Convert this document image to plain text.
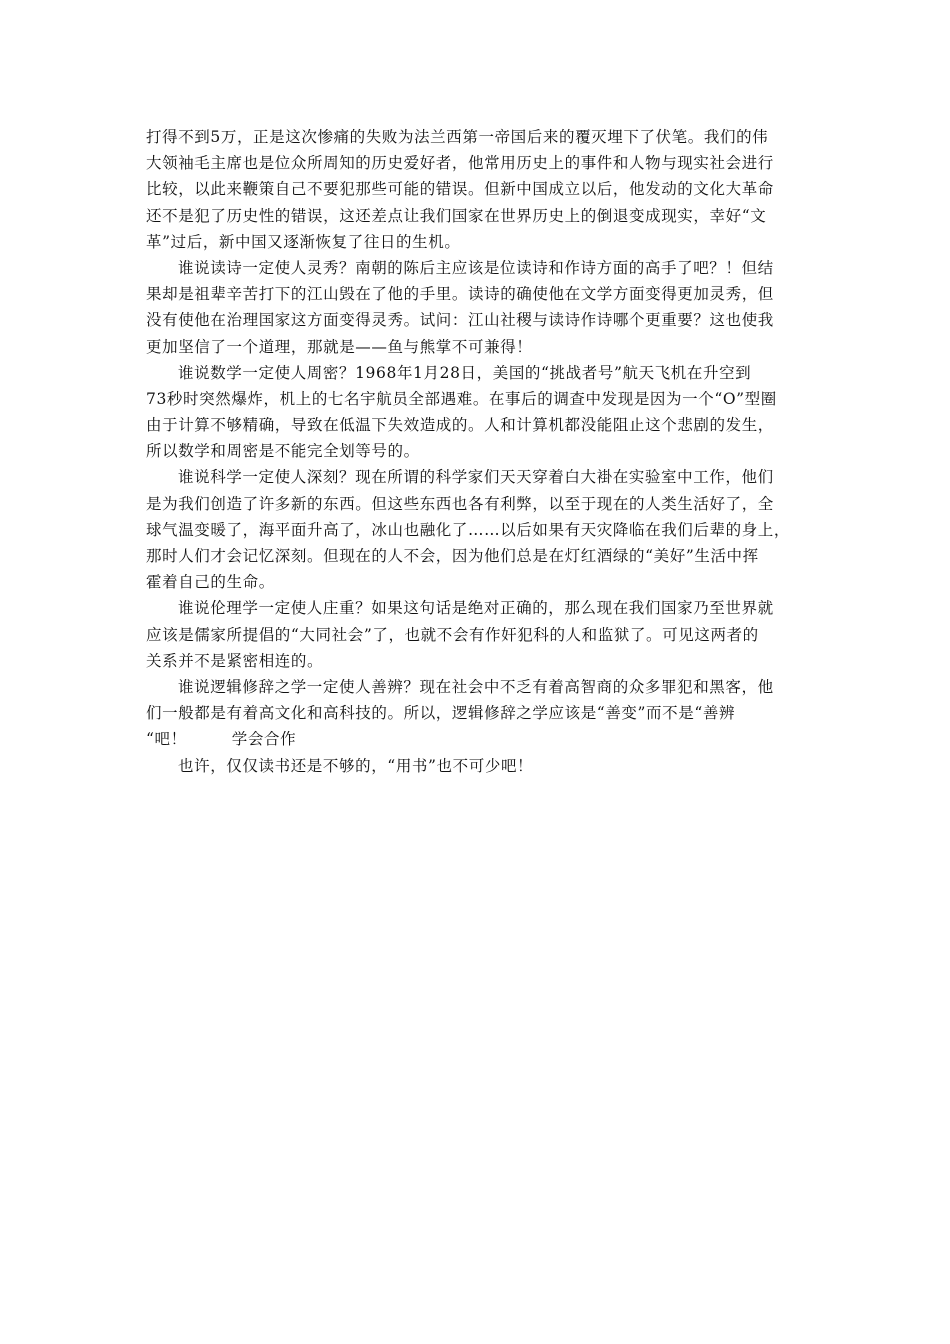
打得不到5万，正是这次惨痛的失败为法兰西第一帝国后来的覆灭埋下了伏笔。我们的伟
大领袖毛主席也是位众所周知的历史爱好者，他常用历史上的事件和人物与现实社会进行
比较，以此来鞭策自己不要犯那些可能的错误。但新中国成立以后，他发动的文化大革命
还不是犯了历史性的错误，这还差点让我们国家在世界历史上的倒退变成现实，幸好“文
革”过后，新中国又逐渐恢复了往日的生机。
谁说读诗一定使人灵秀？南朝的陈后主应该是位读诗和作诗方面的高手了吧？！但结
果却是祖辈辛苦打下的江山毁在了他的手里。读诗的确使他在文学方面变得更加灵秀，但
没有使他在治理国家这方面变得灵秀。试问：江山社稷与读诗作诗哪个更重要？这也使我
更加坚信了一个道理，那就是——鱼与熊掌不可兼得！
谁说数学一定使人周密？1968年1月28日，美国的“挑战者号”航天飞机在升空到
73秒时突然爆炸，机上的七名宇航员全部遇难。在事后的调查中发现是因为一个“O”型圈
由于计算不够精确，导致在低温下失效造成的。人和计算机都没能阻止这个悲剧的发生，
所以数学和周密是不能完全划等号的。
谁说科学一定使人深刻？现在所谓的科学家们天天穿着白大褂在实验室中工作，他们
是为我们创造了许多新的东西。但这些东西也各有利弊，以至于现在的人类生活好了，全
球气温变暖了，海平面升高了，冰山也融化了……以后如果有天灾降临在我们后辈的身上，
那时人们才会记忆深刻。但现在的人不会，因为他们总是在灯红酒绿的“美好”生活中挥
霍着自己的生命。
谁说伦理学一定使人庄重？如果这句话是绝对正确的，那么现在我们国家乃至世界就
应该是儒家所提倡的“大同社会”了，也就不会有作奸犯科的人和监狱了。可见这两者的
关系并不是紧密相连的。
谁说逻辑修辞之学一定使人善辨？现在社会中不乏有着高智商的众多罪犯和黑客，他
们一般都是有着高文化和高科技的。所以，逻辑修辞之学应该是“善变”而不是“善辨
“吧！	学会合作
也许，仅仅读书还是不够的，“用书”也不可少吧！
